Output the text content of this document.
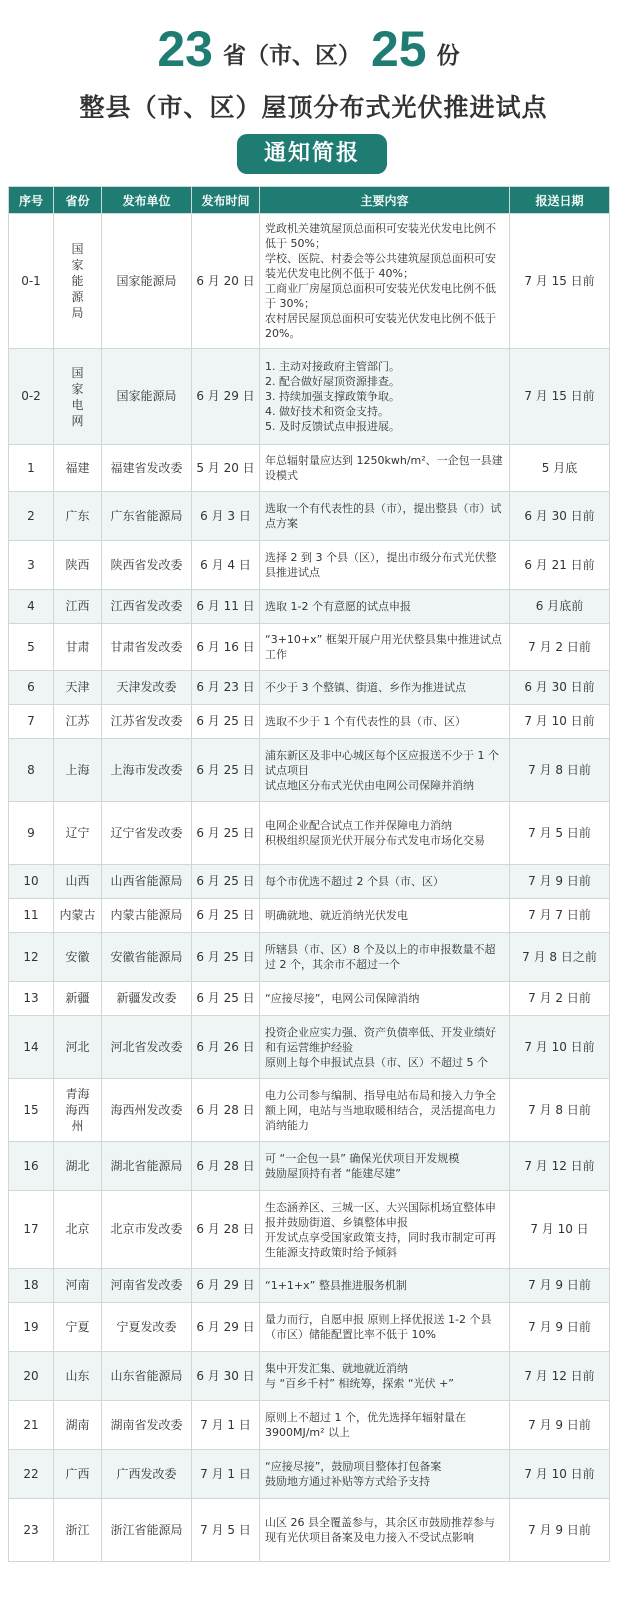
23 省（市、区） 25 份
整县（市、区）屋顶分布式光伏推进试点
通知简报
序号	省份	发布单位	发布时间	主要内容	报送日期
0-1	国家能源局	国家能源局	6 月 20 日	党政机关建筑屋顶总面积可安装光伏发电比例不低于 50%；
学校、医院、村委会等公共建筑屋顶总面积可安装光伏发电比例不低于 40%；
工商业厂房屋顶总面积可安装光伏发电比例不低于 30%；
农村居民屋顶总面积可安装光伏发电比例不低于 20%。	7 月 15 日前
0-2	国家电网	国家能源局	6 月 29 日	1. 主动对接政府主管部门。
2. 配合做好屋顶资源排查。
3. 持续加强支撑政策争取。
4. 做好技术和资金支持。
5. 及时反馈试点申报进展。	7 月 15 日前
1	福建	福建省发改委	5 月 20 日	年总辐射量应达到 1250kwh/m²、一企包一县建设模式	5 月底
2	广东	广东省能源局	6 月 3 日	选取一个有代表性的县（市），提出整县（市）试点方案	6 月 30 日前
3	陕西	陕西省发改委	6 月 4 日	选择 2 到 3 个县（区），提出市级分布式光伏整县推进试点	6 月 21 日前
4	江西	江西省发改委	6 月 11 日	选取 1-2 个有意愿的试点申报	6 月底前
5	甘肃	甘肃省发改委	6 月 16 日	“3+10+x” 框架开展户用光伏整县集中推进试点工作	7 月 2 日前
6	天津	天津发改委	6 月 23 日	不少于 3 个整镇、街道、乡作为推进试点	6 月 30 日前
7	江苏	江苏省发改委	6 月 25 日	选取不少于 1 个有代表性的县（市、区）	7 月 10 日前
8	上海	上海市发改委	6 月 25 日	浦东新区及非中心城区每个区应报送不少于 1 个试点项目
试点地区分布式光伏由电网公司保障并消纳	7 月 8 日前
9	辽宁	辽宁省发改委	6 月 25 日	电网企业配合试点工作并保障电力消纳
积极组织屋顶光伏开展分布式发电市场化交易	7 月 5 日前
10	山西	山西省能源局	6 月 25 日	每个市优选不超过 2 个县（市、区）	7 月 9 日前
11	内蒙古	内蒙古能源局	6 月 25 日	明确就地、就近消纳光伏发电	7 月 7 日前
12	安徽	安徽省能源局	6 月 25 日	所辖县（市、区）8 个及以上的市申报数量不超过 2 个，其余市不超过一个	7 月 8 日之前
13	新疆	新疆发改委	6 月 25 日	“应接尽接”，电网公司保障消纳	7 月 2 日前
14	河北	河北省发改委	6 月 26 日	投资企业应实力强、资产负债率低、开发业绩好和有运营维护经验
原则上每个申报试点县（市、区）不超过 5 个	7 月 10 日前
15	青海海西州	海西州发改委	6 月 28 日	电力公司参与编制、指导电站布局和接入力争全额上网，电站与当地取暖相结合，灵活提高电力消纳能力	7 月 8 日前
16	湖北	湖北省能源局	6 月 28 日	可 “一企包一县” 确保光伏项目开发规模
鼓励屋顶持有者 “能建尽建”	7 月 12 日前
17	北京	北京市发改委	6 月 28 日	生态涵养区、三城一区、大兴国际机场宜整体申报并鼓励街道、乡镇整体申报
开发试点享受国家政策支持，同时我市制定可再生能源支持政策时给予倾斜	7 月 10 日
18	河南	河南省发改委	6 月 29 日	“1+1+x” 整县推进服务机制	7 月 9 日前
19	宁夏	宁夏发改委	6 月 29 日	量力而行，自愿申报 原则上择优报送 1-2 个县（市区）储能配置比率不低于 10%	7 月 9 日前
20	山东	山东省能源局	6 月 30 日	集中开发汇集、就地就近消纳
与 “百乡千村” 相统筹，探索 “光伏 +”	7 月 12 日前
21	湖南	湖南省发改委	7 月 1 日	原则上不超过 1 个，优先选择年辐射量在 3900MJ/m² 以上	7 月 9 日前
22	广西	广西发改委	7 月 1 日	“应接尽接”，鼓励项目整体打包备案
鼓励地方通过补贴等方式给予支持	7 月 10 日前
23	浙江	浙江省能源局	7 月 5 日	山区 26 县全覆盖参与，其余区市鼓励推荐参与
现有光伏项目备案及电力接入不受试点影响	7 月 9 日前
